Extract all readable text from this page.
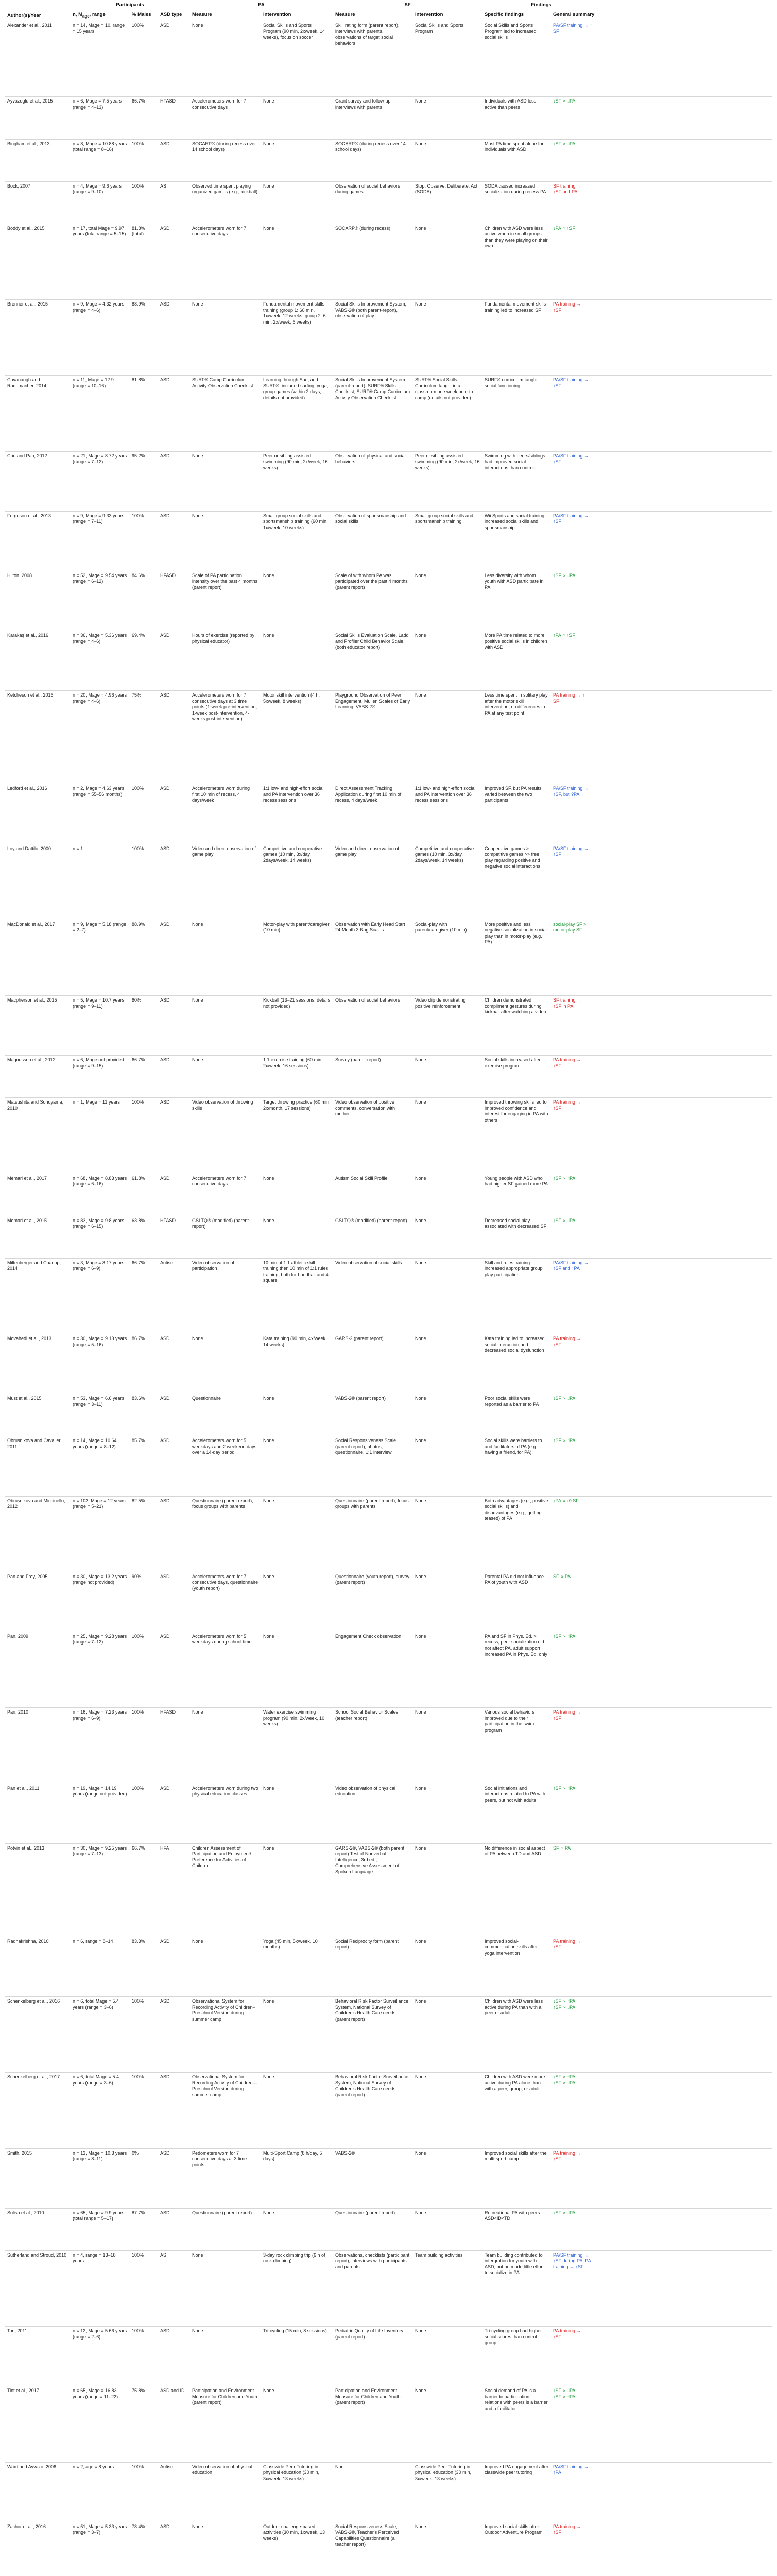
Author(s)/Year	Participants			PA		SF		Findings		
	n, $M_{age}$, range	% Males	ASD type	Measure	Intervention	Measure	Intervention	Specific findings	General summary	
Alexander et al., 2011	n = 14, Mage = 10, range = 15 years	100%	ASD	None	Social Skills and Sports Program (90 min, 2x/week, 14 weeks), focus on soccer	Skill rating form (parent report), interviews with parents, observations of target social behaviors	Social Skills and Sports Program	Social Skills and Sports Program led to increased social skills	PA/SF training → ↑ SF	

Ayvazoglu et al., 2015	n = 6, Mage = 7.5 years (range = 4–13)	66.7%	HFASD	Accelerometers worn for 7 consecutive days	None	Grant survey and follow-up interviews with parents	None	Individuals with ASD less active than peers	↓SF ∝ ↓PA	

Bingham et al., 2013	n = 8, Mage = 10.88 years (total range = 8–16)	100%	ASD	SOCARP® (during recess over 14 school days)	None	SOCARP® (during recess over 14 school days)	None	Most PA time spent alone for individuals with ASD	↓SF ∝ ↓PA	

Bock, 2007	n = 4, Mage = 9.6 years (range = 9–10)	100%	AS	Observed time spent playing organized games (e.g., kickball)	None	Observation of social behaviors during games	Stop, Observe, Deliberate, Act (SODA)	SODA caused increased socialization during recess PA	SF training →
↑SF and PA	

Boddy et al., 2015	n = 17, total Mage = 9.97 years (total range = 5–15)	81.8% (total)	ASD	Accelerometers worn for 7 consecutive days	None	SOCARP® (during recess)	None	Children with ASD were less active when in small groups than they were playing on their own	↓PA ∝ ↑SF	

Brenner et al., 2015	n = 9, Mage = 4.32 years (range = 4–6)	88.9%	ASD	None	Fundamental movement skills training (group 1: 60 min, 1x/week, 12 weeks; group 2: 6 min, 2x/week, 6 weeks)	Social Skills Improvement System, VABS-2® (both parent-report), observation of play	None	Fundamental movement skills training led to increased SF	PA training →
↑SF	

Cavanaugh and Rademacher, 2014	n = 11, Mage = 12.9 (range = 10–16)	81.8%	ASD	SURF® Camp Curriculum Activity Observation Checklist	Learning through Sun, and SURF®, included surfing, yoga, group games (within 2 days, details not provided)	Social Skills Improvement System (parent-report), SURF® Skills Checklist, SURF® Camp Curriculum Activity Observation Checklist	SURF® Social Skills Curriculum taught in a classroom one week prior to camp (details not provided)	SURF® curriculum taught social functioning	PA/SF training →
↑SF	

Chu and Pan, 2012	n = 21, Mage = 8.72 years (range = 7–12)	95.2%	ASD	None	Peer or sibling assisted swimming (90 min, 2x/week, 16 weeks)	Observation of physical and social behaviors	Peer or sibling assisted swimming (90 min, 2x/week, 16 weeks)	Swimming with peers/siblings had improved social interactions than controls	PA/SF training →
↑SF	

Ferguson et al., 2013	n = 9, Mage = 9.33 years (range = 7–11)	100%	ASD	None	Small group social skills and sportsmanship training (60 min, 1x/week, 10 weeks)	Observation of sportsmanship and social skills	Small group social skills and sportsmanship training	Wii Sports and social training increased social skills and sportsmanship	PA/SF training →
↑SF	

Hilton, 2008	n = 52, Mage = 9.54 years (range = 6–12)	84.6%	HFASD	Scale of PA participation intensity over the past 4 months (parent report)	None	Scale of with whom PA was participated over the past 4 months (parent report)	None	Less diversity with whom youth with ASD participate in PA	↓SF ∝ ↓PA	

Karakaş et al., 2016	n = 36, Mage = 5.36 years (range = 4–6)	69.4%	ASD	Hours of exercise (reported by physical educator)	None	Social Skills Evaluation Scale, Ladd and Profiler Child Behavior Scale (both educator report)	None	More PA time related to more positive social skills in children with ASD	↑PA ∝ ↑SF	

Ketcheson et al., 2016	n = 20, Mage = 4.96 years (range = 4–6)	75%	ASD	Accelerometers worn for 7 consecutive days at 3 time points (1-week pre-intervention, 1-week post-intervention, 4-weeks post-intervention)	Motor skill intervention (4 h, 5x/week, 8 weeks)	Playground Observation of Peer Engagement, Mullen Scales of Early Learning, VABS-2®	None	Less time spent in solitary play after the motor skill intervention, no differences in PA at any test point	PA training → ↑
SF	

Ledford et al., 2016	n = 2, Mage = 4.63 years (range = 55–56 months)	100%	ASD	Accelerometers worn during first 10 min of recess, 4 days/week	1:1 low- and high-effort social and PA intervention over 36 recess sessions	Direct Assessment Tracking Application during first 10 min of recess, 4 days/week	1:1 low- and high-effort social and PA intervention over 36 recess sessions	Improved SF, but PA results varied between the two participants	PA/SF training →
↑SF, but ?PA	

Loy and Dattilo, 2000	n = 1	100%	ASD	Video and direct observation of game play	Competitive and cooperative games (10 min, 3x/day, 2days/week, 14 weeks)	Video and direct observation of game play	Competitive and cooperative games (10 min, 3x/day, 2days/week, 14 weeks)	Cooperative games > competitive games >> free play regarding positive and negative social interactions	PA/SF training →
↑SF	

MacDonald et al., 2017	n = 9, Mage = 5.18 (range = 2–7)	88.9%	ASD	None	Motor-play with parent/caregiver (10 min)	Observation with Early Head Start 24-Month 3-Bag Scales	Social-play with parent/caregiver (10 min)	More positive and less negative socialization in social-play than in motor-play (e.g. PA)	social-play SF >
motor-play SF	

Macpherson et al., 2015	n = 5, Mage = 10.7 years (range = 9–11)	80%	ASD	None	Kickball (13–21 sessions, details not provided)	Observation of social behaviors	Video clip demonstrating positive reinforcement	Children demonstrated compliment gestures during kickball after watching a video	SF training →
↑SF in PA	

Magnusson et al., 2012	n = 6, Mage not provided (range = 9–15)	66.7%	ASD	None	1:1 exercise training (60 min, 2x/week, 16 sessions)	Survey (parent-report)	None	Social skills increased after exercise program	PA training →
↑SF	

Matsushita and Sonoyama, 2010	n = 1, Mage = 11 years	100%	ASD	Video observation of throwing skills	Target throwing practice (60 min, 2x/month, 17 sessions)	Video observation of positive comments, conversation with mother	None	Improved throwing skills led to improved confidence and interest for engaging in PA with others	PA training →
↑SF	

Memari et al., 2017	n = 68, Mage = 8.83 years (range = 6–16)	61.8%	ASD	Accelerometers worn for 7 consecutive days	None	Autism Social Skill Profile	None	Young people with ASD who had higher SF gained more PA	↑SF ∝ ↑PA	

Memari et al., 2015	n = 83, Mage = 9.8 years (range = 6–15)	63.8%	HFASD	GSLTQ® (modified) (parent-report)	None	GSLTQ® (modified) (parent-report)	None	Decreased social play associated with decreased SF	↓SF ∝ ↓PA	

Miltenberger and Charlop, 2014	n = 3, Mage = 8.17 years (range = 6–9)	66.7%	Autism	Video observation of participation	10 min of 1:1 athletic skill training then 10 min of 1:1 rules training, both for handball and 4-square	Video observation of social skills	None	Skill and rules training increased appropriate group play participation	PA/SF training →
↑SF and ↑PA	

Movahedi et al., 2013	n = 30, Mage = 9.13 years (range = 5–16)	86.7%	ASD	None	Kata training (90 min, 4x/week, 14 weeks)	GARS-2 (parent report)	None	Kata training led to increased social interaction and decreased social dysfunction	PA training →
↑SF	

Must et al., 2015	n = 53, Mage = 6.6 years (range = 3–11)	83.6%	ASD	Questionnaire	None	VABS-2® (parent report)	None	Poor social skills were reported as a barrier to PA	↓SF ∝ ↓PA	

Obrusnikova and Cavalier, 2011	n = 14, Mage = 10.64 years (range = 8–12)	85.7%	ASD	Accelerometers worn for 5 weekdays and 2 weekend days over a 14-day period	None	Social Responsiveness Scale (parent report), photos, questionnaire, 1:1 interview	None	Social skills were barriers to and facilitators of PA (e.g., having a friend, for PA)	↑SF ∝ ↑PA	

Obrusnikova and Miccinello, 2012	n = 103, Mage = 12 years (range = 5–21)	82.5%	ASD	Questionnaire (parent report), focus groups with parents	None	Questionnaire (parent report), focus groups with parents	None	Both advantages (e.g., positive social skills) and disadvantages (e.g., getting teased) of PA	↑PA ∝ ↓/↑SF	

Pan and Frey, 2005	n = 30, Mage = 13.2 years (range not provided)	90%	ASD	Accelerometers worn for 7 consecutive days, questionnaire (youth report)	None	Questionnaire (youth report), survey (parent report)	None	Parental PA did not influence PA of youth with ASD	SF ∝ PA	

Pan, 2009	n = 25, Mage = 9.28 years (range = 7–12)	100%	ASD	Accelerometers worn for 5 weekdays during school time	None	Engagement Check observation	None	PA and SF in Phys. Ed. > recess, peer socialization did not affect PA, adult support increased PA in Phys. Ed. only	↑SF ∝ ↑PA	

Pan, 2010	n = 16, Mage = 7.23 years (range = 6–9)	100%	HFASD	None	Water exercise swimming program (90 min, 2x/week, 10 weeks)	School Social Behavior Scales (teacher report)	None	Various social behaviors improved due to their participation in the swim program	PA training →
↑SF	

Pan et al., 2011	n = 19, Mage = 14.19 years (range not provided)	100%	ASD	Accelerometers worn during two physical education classes	None	Video observation of physical education	None	Social initiations and interactions related to PA with peers, but not with adults	↑SF ∝ ↑PA	

Potvin et al., 2013	n = 30, Mage = 9.25 years (range = 7–13)	66.7%	HFA	Children Assessment of Participation and Enjoyment/ Preference for Activities of Children	None	GARS-2®, VABS-2® (both parent report) Test of Nonverbal Intelligence, 3rd ed., Comprehensive Assessment of Spoken Language	None	No difference in social aspect of PA between TD and ASD	SF ∝ PA	

Radhakrishna, 2010	n = 6, range = 8–14	83.3%	ASD	None	Yoga (45 min, 5x/week, 10 months)	Social Reciprocity form (parent report)	None	Improved social-communication skills after yoga intervention	PA training →
↑SF	

Schenkelberg et al., 2016	n = 6, total Mage = 5.4 years (range = 3–6)	100%	ASD	Observational System for Recording Activity of Children–Preschool Version during summer camp	None	Behavioral Risk Factor Surveillance System, National Survey of Children's Health Care needs (parent report)	None	Children with ASD were less active during PA than with a peer or adult	↓SF ∝ ↑PA
↑SF ∝ ↓PA	

Schenkelberg et al., 2017	n = 6, total Mage = 5.4 years (range = 3–6)	100%	ASD	Observational System for Recording Activity of Children—Preschool Version during summer camp	None	Behavioral Risk Factor Surveillance System, National Survey of Children's Health Care needs (parent report)	None	Children with ASD were more active during PA alone than with a peer, group, or adult	↓SF ∝ ↑PA
↑SF ∝ ↓PA	

Smith, 2015	n = 13, Mage = 10.3 years (range = 8–11)	0%	ASD	Pedometers worn for 7 consecutive days at 3 time points	Multi-Sport Camp (8 h/day, 5 days)	VABS-2®	None	Improved social skills after the multi-sport camp	PA training →
↑SF	

Solish et al., 2010	n = 65, Mage = 9.9 years (total range = 5–17)	87.7%	ASD	Questionnaire (parent report)	None	Questionnaire (parent report)	None	Recreational PA with peers: ASD<ID<TD	↓SF ∝ ↓PA	

Sutherland and Stroud, 2010	n = 4, range = 13–18 years	100%	AS	None	3-day rock climbing trip (6 h of rock climbing)	Observations, checklists (participant report), interviews with participants and parents	Team building activities	Team building contributed to intergration for youth with ASD, but he made little effort to socialize in PA	PA/SF training →
↑SF during PA, PA
training → ↑SF	

Tan, 2011	n = 12, Mage = 5.66 years (range = 2–6)	100%	ASD	None	Tri-cycling (15 min, 8 sessions)	Pediatric Quality of Life Inventory (parent report)	None	Tri-cycling group had higher social scores than control group	PA training →
↑SF	

Tint et al., 2017	n = 65, Mage = 16.83 years (range = 11–22)	75.8%	ASD and ID	Participation and Environment Measure for Children and Youth (parent report)	None	Participation and Environment Measure for Children and Youth (parent report)	None	Social demand of PA is a barrier to participation, relations with peers is a barrier and a facilitator	↓SF ∝ ↓PA
↑SF ∝ ↑PA	

Ward and Ayvazo, 2006	n = 2, age = 8 years	100%	Autism	Video observation of physical education	Classwide Peer Tutoring in physical education (30 min, 3x/week, 13 weeks)	None	Classwide Peer Tutoring in physical education (30 min, 3x/week, 13 weeks)	Improved PA engagement after classwide peer tutoring	PA/SF training →
↑PA	

Zachor et al., 2016	n = 51, Mage = 5.33 years (range = 3–7)	78.4%	ASD	None	Outdoor challenge-based activities (30 min, 1x/week, 13 weeks)	Social Responsiveness Scale, VABS-2®, Teacher's Perceived Capabilities Questionnaire (all teacher report)	None	Improved social skills after Outdoor Adventure Program	PA training →
↑SF	
